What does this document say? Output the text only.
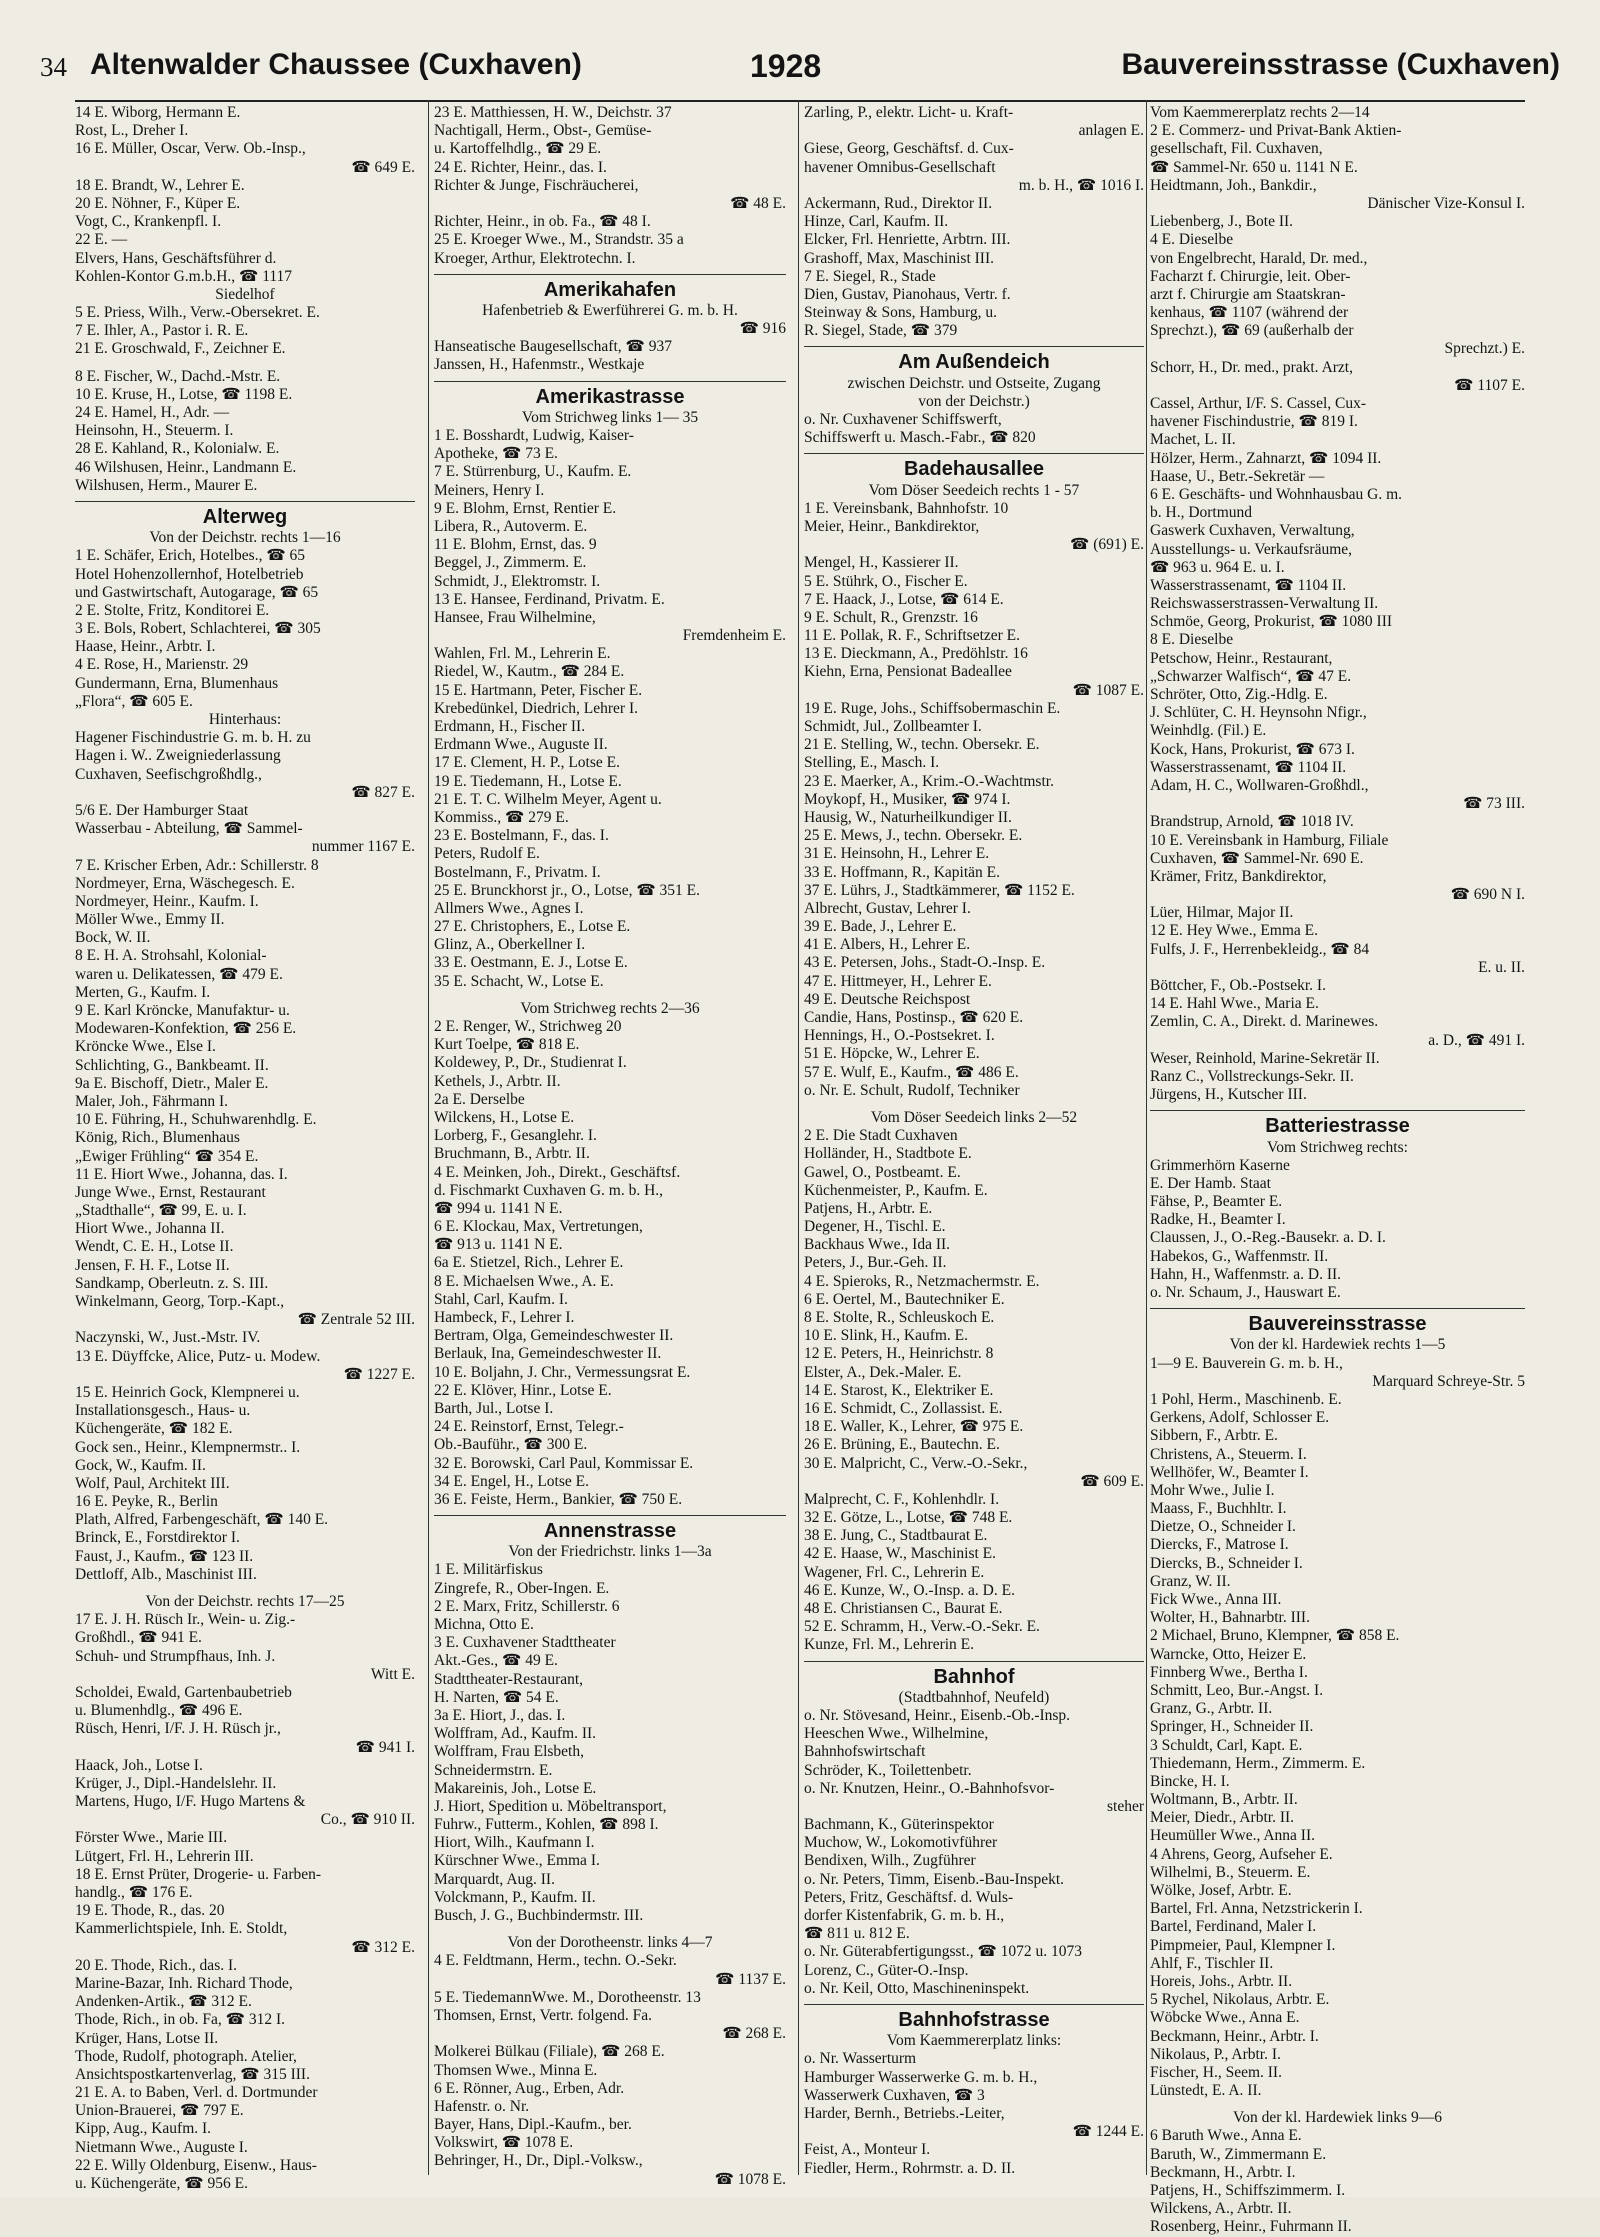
34 Altenwalder Chaussee (Cuxhaven)	1928	Bauvereinsstrasse (Cuxhaven)
14 E. Wiborg, Hermann E.
Rost, L., Dreher I.
16 E. Müller, Oscar, Verw. Ob.-Insp.,
☎ 649 E.
18 E. Brandt, W., Lehrer E.
20 E. Nöhner, F., Küper E.
Vogt, C., Krankenpfl. I.
22 E. —
Elvers, Hans, Geschäftsführer d.
Kohlen-Kontor G.m.b.H., ☎ 1117
Siedelhof
5 E. Priess, Wilh., Verw.-Obersekret. E.
7 E. Ihler, A., Pastor i. R. E.
21 E. Groschwald, F., Zeichner E.
8 E. Fischer, W., Dachd.-Mstr. E.
10 E. Kruse, H., Lotse, ☎ 1198 E.
24 E. Hamel, H., Adr. —
Heinsohn, H., Steuerm. I.
28 E. Kahland, R., Kolonialw. E.
46 Wilshusen, Heinr., Landmann E.
Wilshusen, Herm., Maurer E.
Alterweg
Von der Deichstr. rechts 1—16
1 E. Schäfer, Erich, Hotelbes., ☎ 65
Hotel Hohenzollernhof, Hotelbetrieb
und Gastwirtschaft, Autogarage, ☎ 65
2 E. Stolte, Fritz, Konditorei E.
3 E. Bols, Robert, Schlachterei, ☎ 305
Haase, Heinr., Arbtr. I.
4 E. Rose, H., Marienstr. 29
Gundermann, Erna, Blumenhaus
„Flora“, ☎ 605 E.
Hinterhaus:
Hagener Fischindustrie G. m. b. H. zu
Hagen i. W.. Zweigniederlassung
Cuxhaven, Seefischgroßhdlg.,
☎ 827 E.
5/6 E. Der Hamburger Staat
Wasserbau - Abteilung, ☎ Sammel-
nummer 1167 E.
7 E. Krischer Erben, Adr.: Schillerstr. 8
Nordmeyer, Erna, Wäschegesch. E.
Nordmeyer, Heinr., Kaufm. I.
Möller Wwe., Emmy II.
Bock, W. II.
8 E. H. A. Strohsahl, Kolonial-
waren u. Delikatessen, ☎ 479 E.
Merten, G., Kaufm. I.
9 E. Karl Kröncke, Manufaktur- u.
Modewaren-Konfektion, ☎ 256 E.
Kröncke Wwe., Else I.
Schlichting, G., Bankbeamt. II.
9a E. Bischoff, Dietr., Maler E.
Maler, Joh., Fährmann I.
10 E. Führing, H., Schuhwarenhdlg. E.
König, Rich., Blumenhaus
„Ewiger Frühling“ ☎ 354 E.
11 E. Hiort Wwe., Johanna, das. I.
Junge Wwe., Ernst, Restaurant
„Stadthalle“, ☎ 99, E. u. I.
Hiort Wwe., Johanna II.
Wendt, C. E. H., Lotse II.
Jensen, F. H. F., Lotse II.
Sandkamp, Oberleutn. z. S. III.
Winkelmann, Georg, Torp.-Kapt.,
☎ Zentrale 52 III.
Naczynski, W., Just.-Mstr. IV.
13 E. Düyffcke, Alice, Putz- u. Modew.
☎ 1227 E.
15 E. Heinrich Gock, Klempnerei u.
Installationsgesch., Haus- u.
Küchengeräte, ☎ 182 E.
Gock sen., Heinr., Klempnermstr.. I.
Gock, W., Kaufm. II.
Wolf, Paul, Architekt III.
16 E. Peyke, R., Berlin
Plath, Alfred, Farbengeschäft, ☎ 140 E.
Brinck, E., Forstdirektor I.
Faust, J., Kaufm., ☎ 123 II.
Dettloff, Alb., Maschinist III.
Von der Deichstr. rechts 17—25
17 E. J. H. Rüsch Ir., Wein- u. Zig.-
Großhdl., ☎ 941 E.
Schuh- und Strumpfhaus, Inh. J.
Witt E.
Scholdei, Ewald, Gartenbaubetrieb
u. Blumenhdlg., ☎ 496 E.
Rüsch, Henri, I/F. J. H. Rüsch jr.,
☎ 941 I.
Haack, Joh., Lotse I.
Krüger, J., Dipl.-Handelslehr. II.
Martens, Hugo, I/F. Hugo Martens &
Co., ☎ 910 II.
Förster Wwe., Marie III.
Lütgert, Frl. H., Lehrerin III.
18 E. Ernst Prüter, Drogerie- u. Farben-
handlg., ☎ 176 E.
19 E. Thode, R., das. 20
Kammerlichtspiele, Inh. E. Stoldt,
☎ 312 E.
20 E. Thode, Rich., das. I.
Marine-Bazar, Inh. Richard Thode,
Andenken-Artik., ☎ 312 E.
Thode, Rich., in ob. Fa, ☎ 312 I.
Krüger, Hans, Lotse II.
Thode, Rudolf, photograph. Atelier,
Ansichtspostkartenverlag, ☎ 315 III.
21 E. A. to Baben, Verl. d. Dortmunder
Union-Brauerei, ☎ 797 E.
Kipp, Aug., Kaufm. I.
Nietmann Wwe., Auguste I.
22 E. Willy Oldenburg, Eisenw., Haus-
u. Küchengeräte, ☎ 956 E.
23 E. Matthiessen, H. W., Deichstr. 37
Nachtigall, Herm., Obst-, Gemüse-
u. Kartoffelhdlg., ☎ 29 E.
24 E. Richter, Heinr., das. I.
Richter & Junge, Fischräucherei,
☎ 48 E.
Richter, Heinr., in ob. Fa., ☎ 48 I.
25 E. Kroeger Wwe., M., Strandstr. 35 a
Kroeger, Arthur, Elektrotechn. I.
Amerikahafen
Hafenbetrieb & Ewerführerei G. m. b. H.
☎ 916
Hanseatische Baugesellschaft, ☎ 937
Janssen, H., Hafenmstr., Westkaje
Amerikastrasse
Vom Strichweg links 1— 35
1 E. Bosshardt, Ludwig, Kaiser-
Apotheke, ☎ 73 E.
7 E. Stürrenburg, U., Kaufm. E.
Meiners, Henry I.
9 E. Blohm, Ernst, Rentier E.
Libera, R., Autoverm. E.
11 E. Blohm, Ernst, das. 9
Beggel, J., Zimmerm. E.
Schmidt, J., Elektromstr. I.
13 E. Hansee, Ferdinand, Privatm. E.
Hansee, Frau Wilhelmine,
Fremdenheim E.
Wahlen, Frl. M., Lehrerin E.
Riedel, W., Kautm., ☎ 284 E.
15 E. Hartmann, Peter, Fischer E.
Krebedünkel, Diedrich, Lehrer I.
Erdmann, H., Fischer II.
Erdmann Wwe., Auguste II.
17 E. Clement, H. P., Lotse E.
19 E. Tiedemann, H., Lotse E.
21 E. T. C. Wilhelm Meyer, Agent u.
Kommiss., ☎ 279 E.
23 E. Bostelmann, F., das. I.
Peters, Rudolf E.
Bostelmann, F., Privatm. I.
25 E. Brunckhorst jr., O., Lotse, ☎ 351 E.
Allmers Wwe., Agnes I.
27 E. Christophers, E., Lotse E.
Glinz, A., Oberkellner I.
33 E. Oestmann, E. J., Lotse E.
35 E. Schacht, W., Lotse E.
Vom Strichweg rechts 2—36
2 E. Renger, W., Strichweg 20
Kurt Toelpe, ☎ 818 E.
Koldewey, P., Dr., Studienrat I.
Kethels, J., Arbtr. II.
2a E. Derselbe
Wilckens, H., Lotse E.
Lorberg, F., Gesanglehr. I.
Bruchmann, B., Arbtr. II.
4 E. Meinken, Joh., Direkt., Geschäftsf.
d. Fischmarkt Cuxhaven G. m. b. H.,
☎ 994 u. 1141 N E.
6 E. Klockau, Max, Vertretungen,
☎ 913 u. 1141 N E.
6a E. Stietzel, Rich., Lehrer E.
8 E. Michaelsen Wwe., A. E.
Stahl, Carl, Kaufm. I.
Hambeck, F., Lehrer I.
Bertram, Olga, Gemeindeschwester II.
Berlauk, Ina, Gemeindeschwester II.
10 E. Boljahn, J. Chr., Vermessungsrat E.
22 E. Klöver, Hinr., Lotse E.
Barth, Jul., Lotse I.
24 E. Reinstorf, Ernst, Telegr.-
Ob.-Bauführ., ☎ 300 E.
32 E. Borowski, Carl Paul, Kommissar E.
34 E. Engel, H., Lotse E.
36 E. Feiste, Herm., Bankier, ☎ 750 E.
Annenstrasse
Von der Friedrichstr. links 1—3a
1 E. Militärfiskus
Zingrefe, R., Ober-Ingen. E.
2 E. Marx, Fritz, Schillerstr. 6
Michna, Otto E.
3 E. Cuxhavener Stadttheater
Akt.-Ges., ☎ 49 E.
Stadttheater-Restaurant,
H. Narten, ☎ 54 E.
3a E. Hiort, J., das. I.
Wolffram, Ad., Kaufm. II.
Wolffram, Frau Elsbeth,
Schneidermstrn. E.
Makareinis, Joh., Lotse E.
J. Hiort, Spedition u. Möbeltransport,
Fuhrw., Futterm., Kohlen, ☎ 898 I.
Hiort, Wilh., Kaufmann I.
Kürschner Wwe., Emma I.
Marquardt, Aug. II.
Volckmann, P., Kaufm. II.
Busch, J. G., Buchbindermstr. III.
Von der Dorotheenstr. links 4—7
4 E. Feldtmann, Herm., techn. O.-Sekr.
☎ 1137 E.
5 E. TiedemannWwe. M., Dorotheenstr. 13
Thomsen, Ernst, Vertr. folgend. Fa.
☎ 268 E.
Molkerei Bülkau (Filiale), ☎ 268 E.
Thomsen Wwe., Minna E.
6 E. Rönner, Aug., Erben, Adr.
Hafenstr. o. Nr.
Bayer, Hans, Dipl.-Kaufm., ber.
Volkswirt, ☎ 1078 E.
Behringer, H., Dr., Dipl.-Volksw.,
☎ 1078 E.
Zarling, P., elektr. Licht- u. Kraft-
anlagen E.
Giese, Georg, Geschäftsf. d. Cux-
havener Omnibus-Gesellschaft
m. b. H., ☎ 1016 I.
Ackermann, Rud., Direktor II.
Hinze, Carl, Kaufm. II.
Elcker, Frl. Henriette, Arbtrn. III.
Grashoff, Max, Maschinist III.
7 E. Siegel, R., Stade
Dien, Gustav, Pianohaus, Vertr. f.
Steinway & Sons, Hamburg, u.
R. Siegel, Stade, ☎ 379
Am Außendeich
zwischen Deichstr. und Ostseite, Zugang
von der Deichstr.)
o. Nr. Cuxhavener Schiffswerft,
Schiffswerft u. Masch.-Fabr., ☎ 820
Badehausallee
Vom Döser Seedeich rechts 1 - 57
1 E. Vereinsbank, Bahnhofstr. 10
Meier, Heinr., Bankdirektor,
☎ (691) E.
Mengel, H., Kassierer II.
5 E. Stührk, O., Fischer E.
7 E. Haack, J., Lotse, ☎ 614 E.
9 E. Schult, R., Grenzstr. 16
11 E. Pollak, R. F., Schriftsetzer E.
13 E. Dieckmann, A., Predöhlstr. 16
Kiehn, Erna, Pensionat Badeallee
☎ 1087 E.
19 E. Ruge, Johs., Schiffsobermaschin E.
Schmidt, Jul., Zollbeamter I.
21 E. Stelling, W., techn. Obersekr. E.
Stelling, E., Masch. I.
23 E. Maerker, A., Krim.-O.-Wachtmstr.
Moykopf, H., Musiker, ☎ 974 I.
Hausig, W., Naturheilkundiger II.
25 E. Mews, J., techn. Obersekr. E.
31 E. Heinsohn, H., Lehrer E.
33 E. Hoffmann, R., Kapitän E.
37 E. Lührs, J., Stadtkämmerer, ☎ 1152 E.
Albrecht, Gustav, Lehrer I.
39 E. Bade, J., Lehrer E.
41 E. Albers, H., Lehrer E.
43 E. Petersen, Johs., Stadt-O.-Insp. E.
47 E. Hittmeyer, H., Lehrer E.
49 E. Deutsche Reichspost
Candie, Hans, Postinsp., ☎ 620 E.
Hennings, H., O.-Postsekret. I.
51 E. Höpcke, W., Lehrer E.
57 E. Wulf, E., Kaufm., ☎ 486 E.
o. Nr. E. Schult, Rudolf, Techniker
Vom Döser Seedeich links 2—52
2 E. Die Stadt Cuxhaven
Holländer, H., Stadtbote E.
Gawel, O., Postbeamt. E.
Küchenmeister, P., Kaufm. E.
Patjens, H., Arbtr. E.
Degener, H., Tischl. E.
Backhaus Wwe., Ida II.
Peters, J., Bur.-Geh. II.
4 E. Spieroks, R., Netzmachermstr. E.
6 E. Oertel, M., Bautechniker E.
8 E. Stolte, R., Schleuskoch E.
10 E. Slink, H., Kaufm. E.
12 E. Peters, H., Heinrichstr. 8
Elster, A., Dek.-Maler. E.
14 E. Starost, K., Elektriker E.
16 E. Schmidt, C., Zollassist. E.
18 E. Waller, K., Lehrer, ☎ 975 E.
26 E. Brüning, E., Bautechn. E.
30 E. Malpricht, C., Verw.-O.-Sekr.,
☎ 609 E.
Malprecht, C. F., Kohlenhdlr. I.
32 E. Götze, L., Lotse, ☎ 748 E.
38 E. Jung, C., Stadtbaurat E.
42 E. Haase, W., Maschinist E.
Wagener, Frl. C., Lehrerin E.
46 E. Kunze, W., O.-Insp. a. D. E.
48 E. Christiansen C., Baurat E.
52 E. Schramm, H., Verw.-O.-Sekr. E.
Kunze, Frl. M., Lehrerin E.
Bahnhof
(Stadtbahnhof, Neufeld)
o. Nr. Stövesand, Heinr., Eisenb.-Ob.-Insp.
Heeschen Wwe., Wilhelmine,
Bahnhofswirtschaft
Schröder, K., Toilettenbetr.
o. Nr. Knutzen, Heinr., O.-Bahnhofsvor-
steher
Bachmann, K., Güterinspektor
Muchow, W., Lokomotivführer
Bendixen, Wilh., Zugführer
o. Nr. Peters, Timm, Eisenb.-Bau-Inspekt.
Peters, Fritz, Geschäftsf. d. Wuls-
dorfer Kistenfabrik, G. m. b. H.,
☎ 811 u. 812 E.
o. Nr. Güterabfertigungsst., ☎ 1072 u. 1073
Lorenz, C., Güter-O.-Insp.
o. Nr. Keil, Otto, Maschineninspekt.
Bahnhofstrasse
Vom Kaemmererplatz links:
o. Nr. Wasserturm
Hamburger Wasserwerke G. m. b. H.,
Wasserwerk Cuxhaven, ☎ 3
Harder, Bernh., Betriebs.-Leiter,
☎ 1244 E.
Feist, A., Monteur I.
Fiedler, Herm., Rohrmstr. a. D. II.
Vom Kaemmererplatz rechts 2—14
2 E. Commerz- und Privat-Bank Aktien-
gesellschaft, Fil. Cuxhaven,
☎ Sammel-Nr. 650 u. 1141 N E.
Heidtmann, Joh., Bankdir.,
Dänischer Vize-Konsul I.
Liebenberg, J., Bote II.
4 E. Dieselbe
von Engelbrecht, Harald, Dr. med.,
Facharzt f. Chirurgie, leit. Ober-
arzt f. Chirurgie am Staatskran-
kenhaus, ☎ 1107 (während der
Sprechzt.), ☎ 69 (außerhalb der
Sprechzt.) E.
Schorr, H., Dr. med., prakt. Arzt,
☎ 1107 E.
Cassel, Arthur, I/F. S. Cassel, Cux-
havener Fischindustrie, ☎ 819 I.
Machet, L. II.
Hölzer, Herm., Zahnarzt, ☎ 1094 II.
Haase, U., Betr.-Sekretär —
6 E. Geschäfts- und Wohnhausbau G. m.
b. H., Dortmund
Gaswerk Cuxhaven, Verwaltung,
Ausstellungs- u. Verkaufsräume,
☎ 963 u. 964 E. u. I.
Wasserstrassenamt, ☎ 1104 II.
Reichswasserstrassen-Verwaltung II.
Schmöe, Georg, Prokurist, ☎ 1080 III
8 E. Dieselbe
Petschow, Heinr., Restaurant,
„Schwarzer Walfisch“, ☎ 47 E.
Schröter, Otto, Zig.-Hdlg. E.
J. Schlüter, C. H. Heynsohn Nfigr.,
Weinhdlg. (Fil.) E.
Kock, Hans, Prokurist, ☎ 673 I.
Wasserstrassenamt, ☎ 1104 II.
Adam, H. C., Wollwaren-Großhdl.,
☎ 73 III.
Brandstrup, Arnold, ☎ 1018 IV.
10 E. Vereinsbank in Hamburg, Filiale
Cuxhaven, ☎ Sammel-Nr. 690 E.
Krämer, Fritz, Bankdirektor,
☎ 690 N I.
Lüer, Hilmar, Major II.
12 E. Hey Wwe., Emma E.
Fulfs, J. F., Herrenbekleidg., ☎ 84
E. u. II.
Böttcher, F., Ob.-Postsekr. I.
14 E. Hahl Wwe., Maria E.
Zemlin, C. A., Direkt. d. Marinewes.
a. D., ☎ 491 I.
Weser, Reinhold, Marine-Sekretär II.
Ranz C., Vollstreckungs-Sekr. II.
Jürgens, H., Kutscher III.
Batteriestrasse
Vom Strichweg rechts:
Grimmerhörn Kaserne
E. Der Hamb. Staat
Fähse, P., Beamter E.
Radke, H., Beamter I.
Claussen, J., O.-Reg.-Bausekr. a. D. I.
Habekos, G., Waffenmstr. II.
Hahn, H., Waffenmstr. a. D. II.
o. Nr. Schaum, J., Hauswart E.
Bauvereinsstrasse
Von der kl. Hardewiek rechts 1—5
1—9 E. Bauverein G. m. b. H.,
Marquard Schreye-Str. 5
1 Pohl, Herm., Maschinenb. E.
Gerkens, Adolf, Schlosser E.
Sibbern, F., Arbtr. E.
Christens, A., Steuerm. I.
Wellhöfer, W., Beamter I.
Mohr Wwe., Julie I.
Maass, F., Buchhltr. I.
Dietze, O., Schneider I.
Diercks, F., Matrose I.
Diercks, B., Schneider I.
Granz, W. II.
Fick Wwe., Anna III.
Wolter, H., Bahnarbtr. III.
2 Michael, Bruno, Klempner, ☎ 858 E.
Warncke, Otto, Heizer E.
Finnberg Wwe., Bertha I.
Schmitt, Leo, Bur.-Angst. I.
Granz, G., Arbtr. II.
Springer, H., Schneider II.
3 Schuldt, Carl, Kapt. E.
Thiedemann, Herm., Zimmerm. E.
Bincke, H. I.
Woltmann, B., Arbtr. II.
Meier, Diedr., Arbtr. II.
Heumüller Wwe., Anna II.
4 Ahrens, Georg, Aufseher E.
Wilhelmi, B., Steuerm. E.
Wölke, Josef, Arbtr. E.
Bartel, Frl. Anna, Netzstrickerin I.
Bartel, Ferdinand, Maler I.
Pimpmeier, Paul, Klempner I.
Ahlf, F., Tischler II.
Horeis, Johs., Arbtr. II.
5 Rychel, Nikolaus, Arbtr. E.
Wöbcke Wwe., Anna E.
Beckmann, Heinr., Arbtr. I.
Nikolaus, P., Arbtr. I.
Fischer, H., Seem. II.
Lünstedt, E. A. II.
Von der kl. Hardewiek links 9—6
6 Baruth Wwe., Anna E.
Baruth, W., Zimmermann E.
Beckmann, H., Arbtr. I.
Patjens, H., Schiffszimmerm. I.
Wilckens, A., Arbtr. II.
Rosenberg, Heinr., Fuhrmann II.
